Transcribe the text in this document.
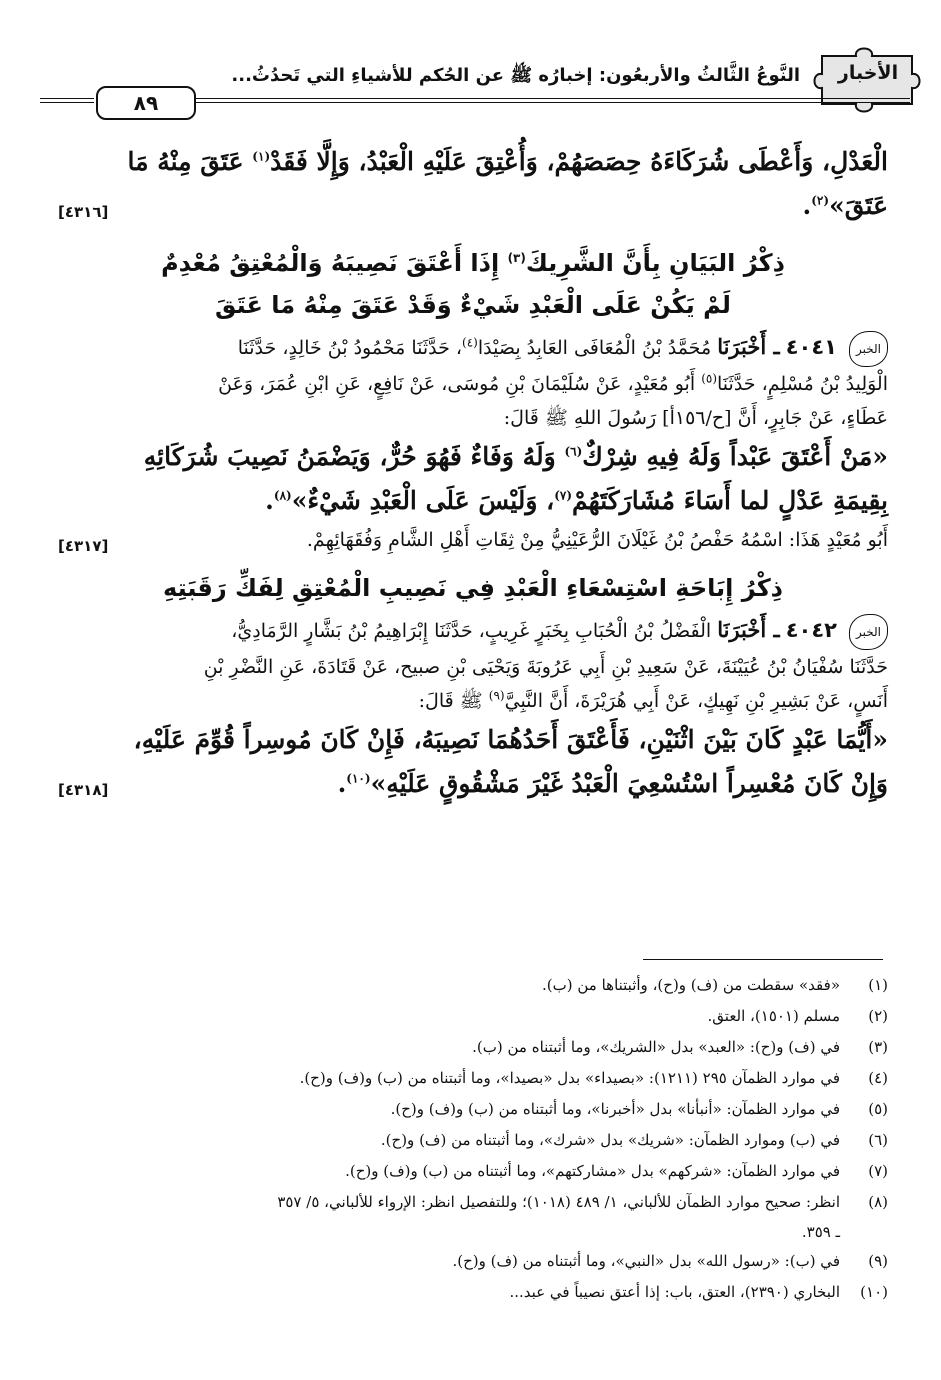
الأخبار
النَّوعُ الثَّالثُ والأربعُون: إخبارُه ﷺ عن الحُكم للأشياءِ التي تَحدُثُ...
٨٩

الْعَدْلِ، وَأَعْطَى شُرَكَاءَهُ حِصَصَهُمْ، وَأُعْتِقَ عَلَيْهِ الْعَبْدُ، وَإِلَّا فَقَدْ$^{(١)}$ عَتَقَ مِنْهُ مَا

[٤٣١٦]	عَتَقَ»$^{(٢)}$.

ذِكْرُ البَيَانِ بِأَنَّ الشَّرِيكَ$^{(٣)}$ إِذَا أَعْتَقَ نَصِيبَهُ وَالْمُعْتِقُ مُعْدِمٌ

لَمْ يَكُنْ عَلَى الْعَبْدِ شَيْءٌ وَقَدْ عَتَقَ مِنْهُ مَا عَتَقَ

الخبر ٤٠٤١ ـ أَخْبَرَنَا مُحَمَّدُ بْنُ الْمُعَافَى العَابِدُ بِصَيْدَا$^{(٤)}$، حَدَّثَنَا مَحْمُودُ بْنُ خَالِدٍ، حَدَّثَنَا

الْوَلِيدُ بْنُ مُسْلِمٍ، حَدَّثَنَا$^{(٥)}$ أَبُو مُعَيْدٍ، عَنْ سُلَيْمَانَ بْنِ مُوسَى، عَنْ نَافِعٍ، عَنِ ابْنِ عُمَرَ، وَعَنْ

عَطَاءٍ، عَنْ جَابِرٍ، أَنَّ [ح/١٥٦أ] رَسُولَ اللهِ ﷺ قَالَ:

«مَنْ أَعْتَقَ عَبْداً وَلَهُ فِيهِ شِرْكٌ$^{(٦)}$ وَلَهُ وَفَاءٌ فَهُوَ حُرٌّ، وَيَضْمَنُ نَصِيبَ شُرَكَائِهِ

بِقِيمَةِ عَدْلٍ لما أَسَاءَ مُشَارَكَتَهُمْ$^{(٧)}$، وَلَيْسَ عَلَى الْعَبْدِ شَيْءٌ»$^{(٨)}$.

[٤٣١٧]	أَبُو مُعَيْدٍ هَذَا: اسْمُهُ حَفْصُ بْنُ غَيْلَانَ الرُّعَيْنِيُّ مِنْ ثِقَاتِ أَهْلِ الشَّامِ وَفُقَهَائِهِمْ.

ذِكْرُ إِبَاحَةِ اسْتِسْعَاءِ الْعَبْدِ فِي نَصِيبِ الْمُعْتِقِ لِفَكِّ رَقَبَتِهِ

الخبر ٤٠٤٢ ـ أَخْبَرَنَا الْفَضْلُ بْنُ الْحُبَابِ بِخَبَرٍ غَرِيبٍ، حَدَّثَنَا إِبْرَاهِيمُ بْنُ بَشَّارٍ الرَّمَادِيُّ،

حَدَّثَنَا سُفْيَانُ بْنُ عُيَيْنَةَ، عَنْ سَعِيدِ بْنِ أَبِي عَرُوبَةَ وَيَحْيَى بْنِ صبيح، عَنْ قَتَادَةَ، عَنِ النَّضْرِ بْنِ

أَنَسٍ، عَنْ بَشِيرِ بْنِ نَهِيكٍ، عَنْ أَبِي هُرَيْرَةَ، أَنَّ النَّبِيَّ$^{(٩)}$ ﷺ قَالَ:

«أَيُّمَا عَبْدٍ كَانَ بَيْنَ اثْنَيْنِ، فَأَعْتَقَ أَحَدُهُمَا نَصِيبَهُ، فَإِنْ كَانَ مُوسِراً قُوِّمَ عَلَيْهِ،

[٤٣١٨]	وَإِنْ كَانَ مُعْسِراً اسْتُسْعِيَ الْعَبْدُ غَيْرَ مَشْقُوقٍ عَلَيْهِ»$^{(١٠)}$.

(١)
«فقد» سقطت من (ف) و(ح)، وأثبتناها من (ب).
(٢)
مسلم (١٥٠١)، العتق.
(٣)
في (ف) و(ح): «العبد» بدل «الشريك»، وما أثبتناه من (ب).
(٤)
في موارد الظمآن ٢٩٥ (١٢١١): «بصيداء» بدل «بصيدا»، وما أثبتناه من (ب) و(ف) و(ح).
(٥)
في موارد الظمآن: «أنبأنا» بدل «أخبرنا»، وما أثبتناه من (ب) و(ف) و(ح).
(٦)
في (ب) وموارد الظمآن: «شريك» بدل «شرك»، وما أثبتناه من (ف) و(ح).
(٧)
في موارد الظمآن: «شركهم» بدل «مشاركتهم»، وما أثبتناه من (ب) و(ف) و(ح).
(٨)
انظر: صحيح موارد الظمآن للألباني، ١/ ٤٨٩ (١٠١٨)؛ وللتفصيل انظر: الإرواء للألباني، ٥/ ٣٥٧
ـ ٣٥٩.
(٩)
في (ب): «رسول الله» بدل «النبي»، وما أثبتناه من (ف) و(ح).
(١٠)
البخاري (٢٣٩٠)، العتق، باب: إذا أعتق نصيباً في عبد...
